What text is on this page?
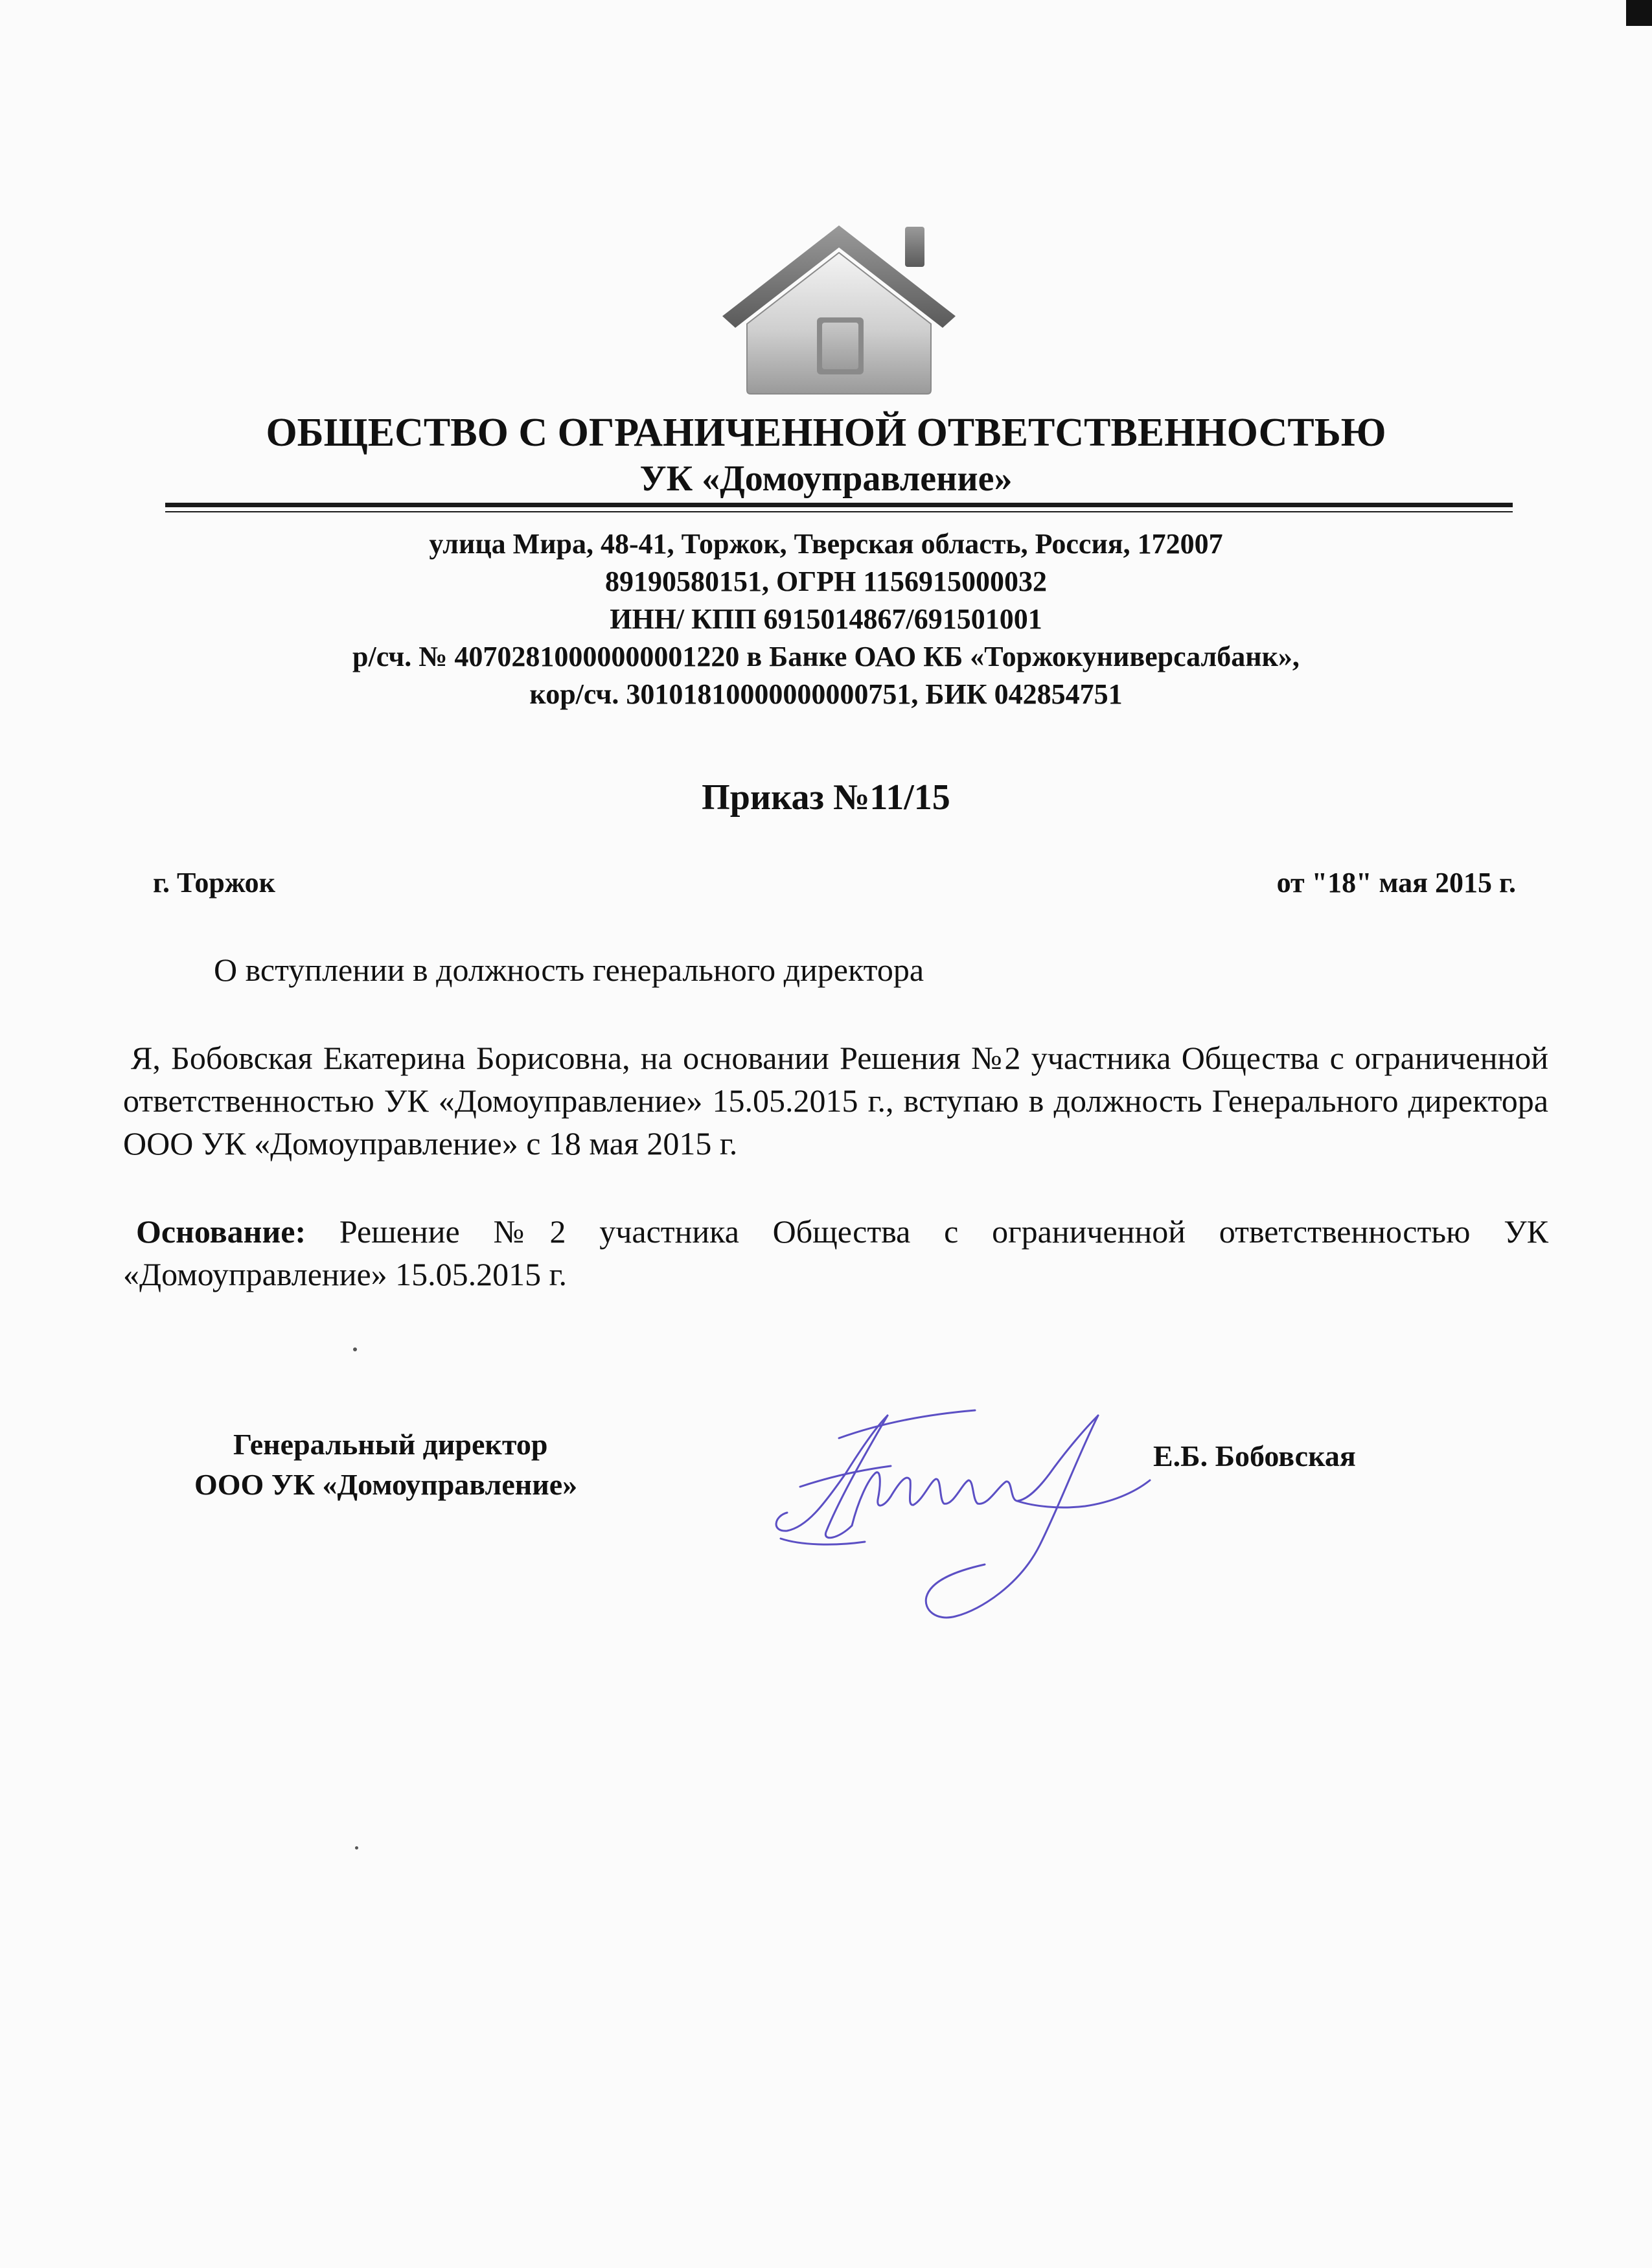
ОБЩЕСТВО С ОГРАНИЧЕННОЙ ОТВЕТСТВЕННОСТЬЮ
УК «Домоуправление»
улица Мира, 48-41, Торжок, Тверская область, Россия, 172007
89190580151, ОГРН 1156915000032
ИНН/ КПП 6915014867/691501001
р/сч. № 40702810000000001220 в Банке ОАО КБ «Торжокуниверсалбанк»,
кор/сч. 30101810000000000751, БИК 042854751
Приказ №11/15
г. Торжок	от "18" мая 2015 г.
О вступлении в должность генерального директора
Я, Бобовская Екатерина Борисовна, на основании Решения №2 участника Общества с ограниченной ответственностью УК «Домоуправление» 15.05.2015 г., вступаю в должность Генерального директора ООО УК «Домоуправление» с 18 мая 2015 г.
Основание: Решение №2 участника Общества с ограниченной ответственностью УК «Домоуправление» 15.05.2015 г.
Генеральный директор
ООО УК «Домоуправление»
Е.Б. Бобовская
